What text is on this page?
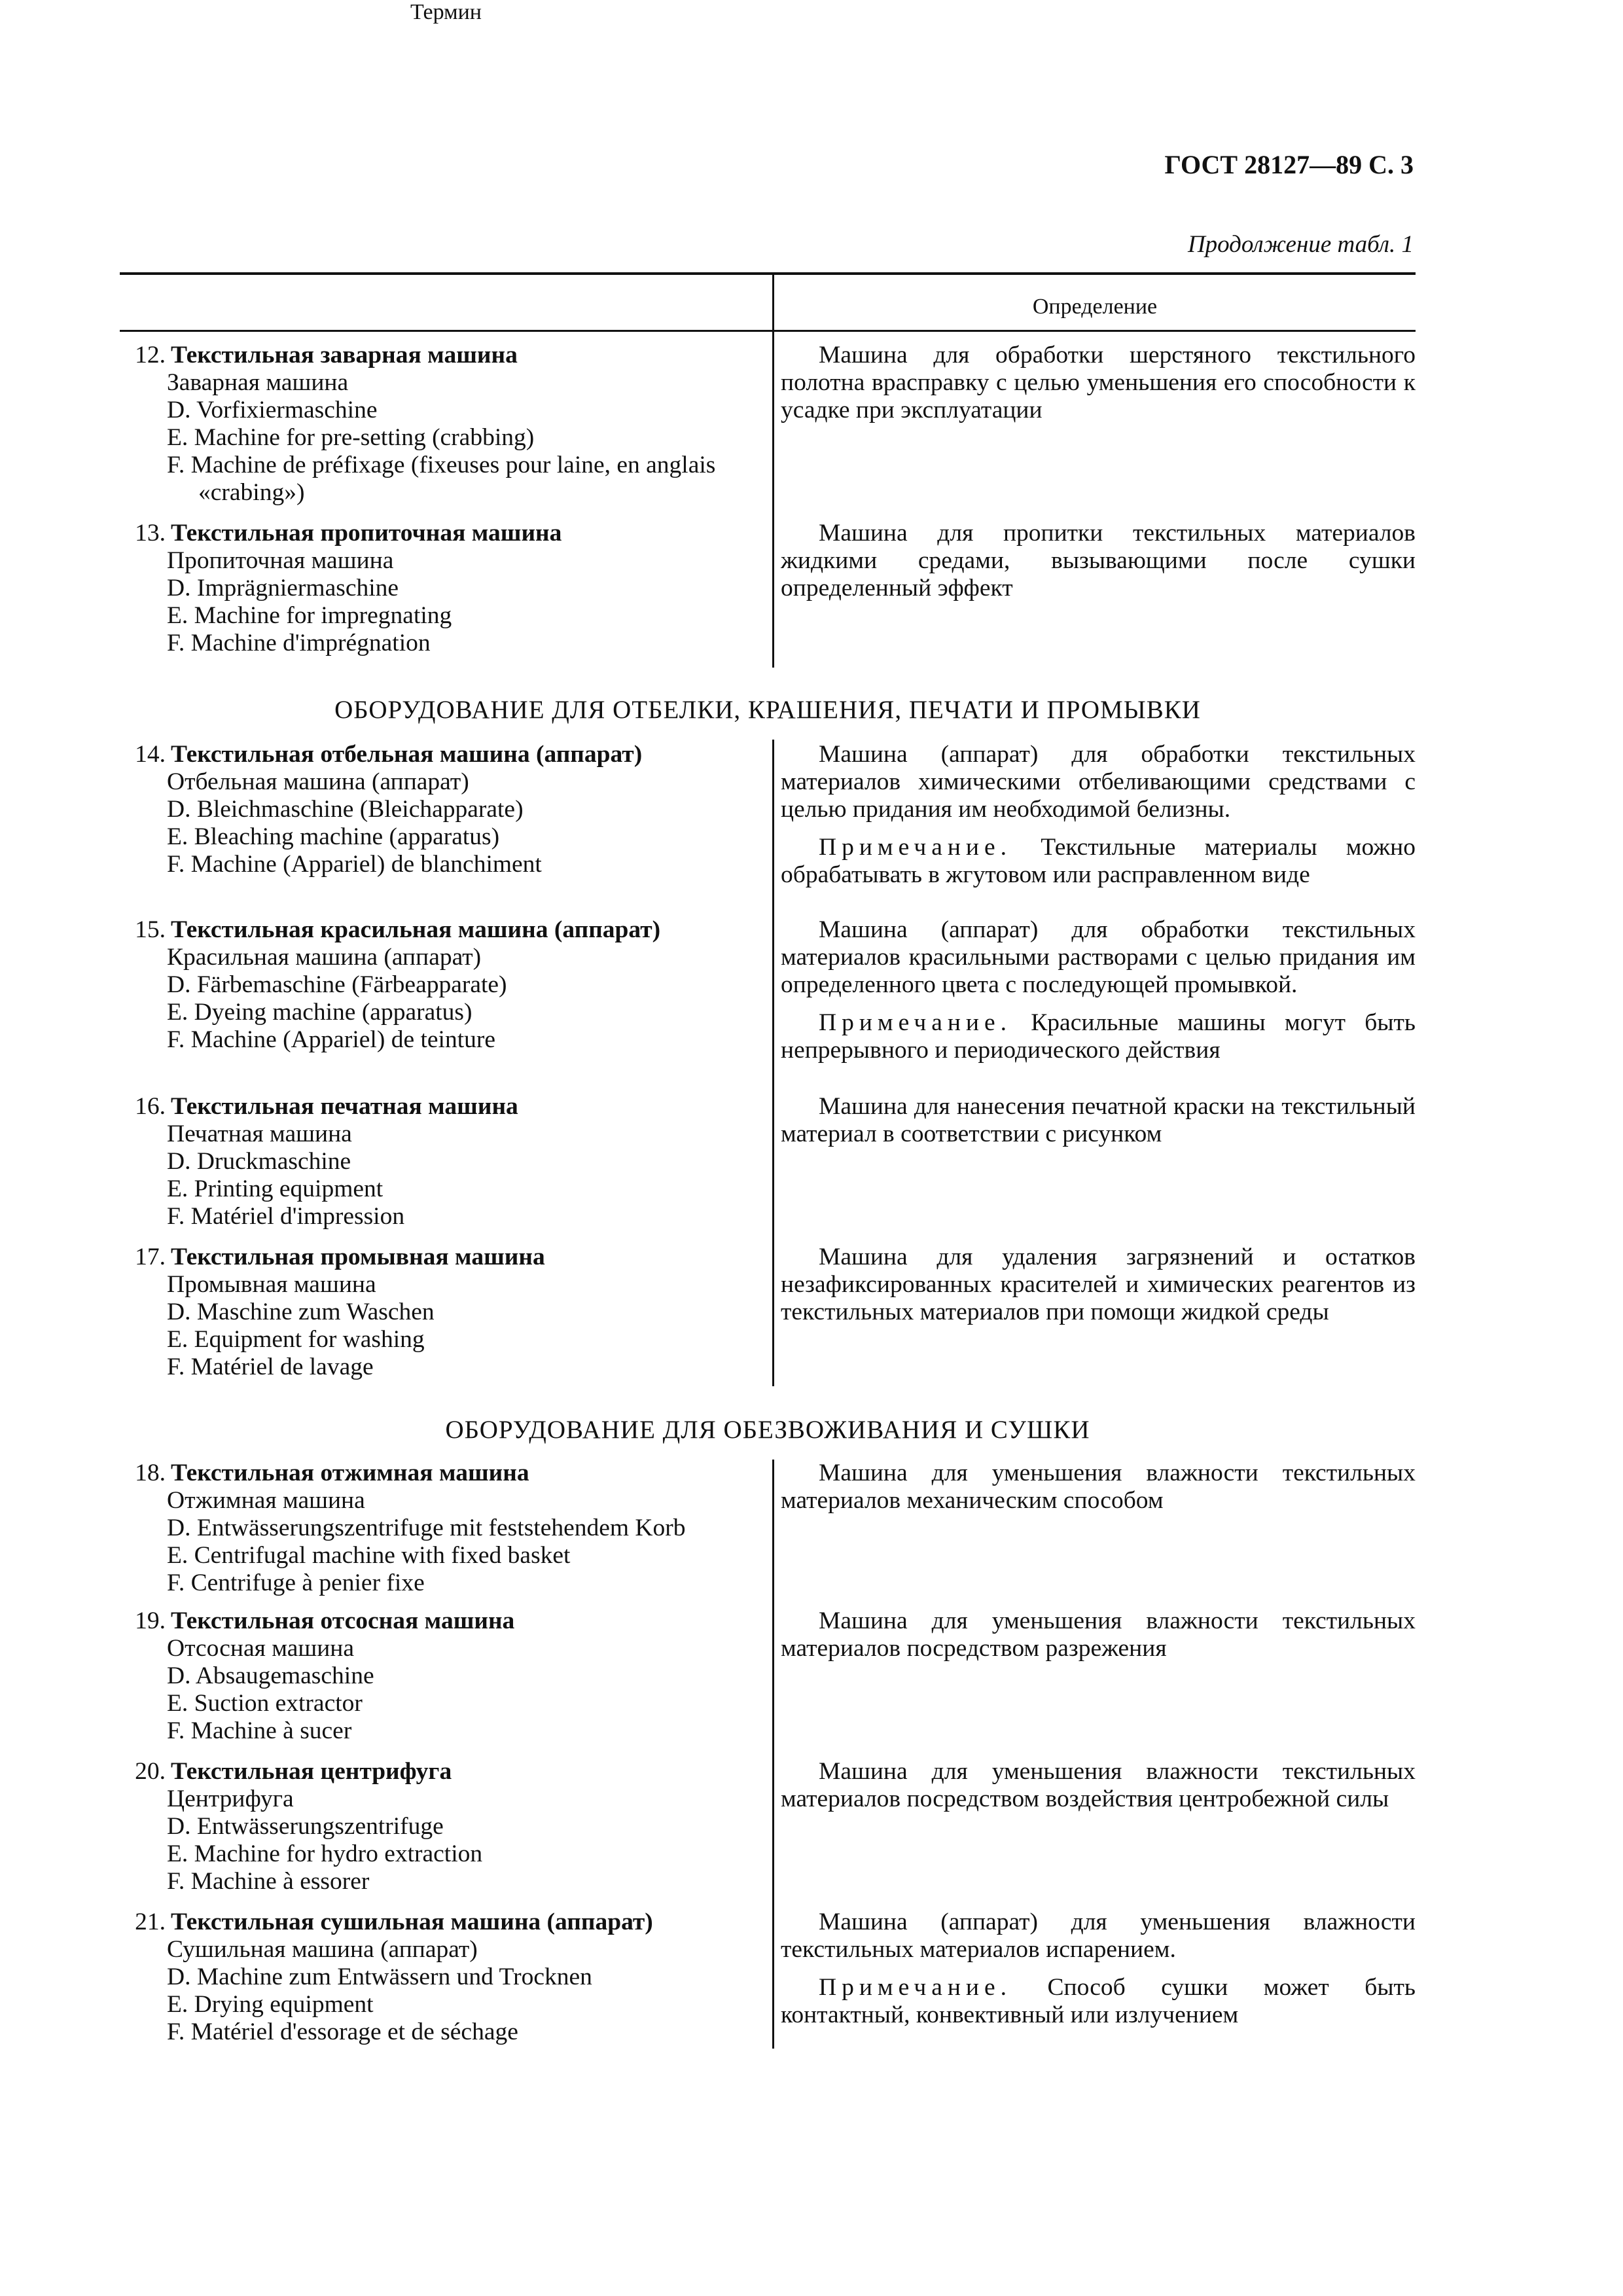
ГОСТ 28127—89 С. 3
Продолжение табл. 1
Термин
Определение
12. Текстильная заварная машина
Заварная машина
D. Vorfixiermaschine
E. Machine for pre-setting (crabbing)
F. Machine de préfixage (fixeuses pour laine, en anglais
«crabing»)

Машина для обработки шерстяного текстильного полотна врасправку с целью уменьшения его способности к усадке при эксплуатации

13. Текстильная пропиточная машина
Пропиточная машина
D. Imprägniermaschine
E. Machine for impregnating
F. Machine d'imprégnation

Машина для пропитки текстильных материалов жидкими средами, вызывающими после сушки определенный эффект

ОБОРУДОВАНИЕ ДЛЯ ОТБЕЛКИ, КРАШЕНИЯ, ПЕЧАТИ И ПРОМЫВКИ
14. Текстильная отбельная машина (аппарат)
Отбельная машина (аппарат)
D. Bleichmaschine (Bleichapparate)
E. Bleaching machine (apparatus)
F. Machine (Appariel) de blanchiment

Машина (аппарат) для обработки текстильных материалов химическими отбеливающими средствами с целью придания им необходимой белизны.

Примечание. Текстильные материалы можно обрабатывать в жгутовом или расправленном виде

15. Текстильная красильная машина (аппарат)
Красильная машина (аппарат)
D. Färbemaschine (Färbeapparate)
E. Dyeing machine (apparatus)
F. Machine (Appariel) de teinture

Машина (аппарат) для обработки текстильных материалов красильными растворами с целью придания им определенного цвета с последующей промывкой.

Примечание. Красильные машины могут быть непрерывного и периодического действия

16. Текстильная печатная машина
Печатная машина
D. Druckmaschine
E. Printing equipment
F. Matériel d'impression

Машина для нанесения печатной краски на текстильный материал в соответствии с рисунком

17. Текстильная промывная машина
Промывная машина
D. Maschine zum Waschen
E. Equipment for washing
F. Matériel de lavage

Машина для удаления загрязнений и остатков незафиксированных красителей и химических реагентов из текстильных материалов при помощи жидкой среды

ОБОРУДОВАНИЕ ДЛЯ ОБЕЗВОЖИВАНИЯ И СУШКИ
18. Текстильная отжимная машина
Отжимная машина
D. Entwässerungszentrifuge mit feststehendem Korb
E. Centrifugal machine with fixed basket
F. Centrifuge à penier fixe

Машина для уменьшения влажности текстильных материалов механическим способом

19. Текстильная отсосная машина
Отсосная машина
D. Absaugemaschine
E. Suction extractor
F. Machine à sucer

Машина для уменьшения влажности текстильных материалов посредством разрежения

20. Текстильная центрифуга
Центрифуга
D. Entwässerungszentrifuge
E. Machine for hydro extraction
F. Machine à essorer

Машина для уменьшения влажности текстильных материалов посредством воздействия центробежной силы

21. Текстильная сушильная машина (аппарат)
Сушильная машина (аппарат)
D. Machine zum Entwässern und Trocknen
E. Drying equipment
F. Matériel d'essorage et de séchage

Машина (аппарат) для уменьшения влажности текстильных материалов испарением.

Примечание. Способ сушки может быть контактный, конвективный или излучением
